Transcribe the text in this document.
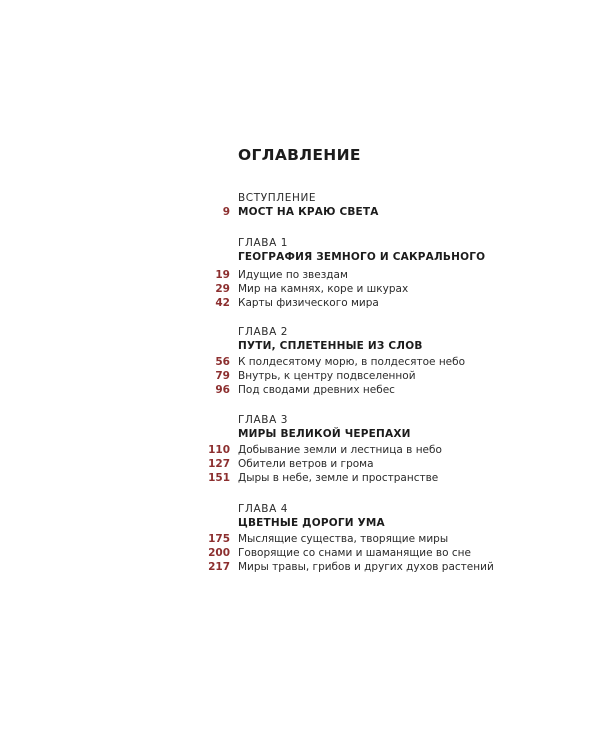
ОГЛАВЛЕНИЕ
ВСТУПЛЕНИЕ
9 МОСТ НА КРАЮ СВЕТА
ГЛАВА 1
ГЕОГРАФИЯ ЗЕМНОГО И САКРАЛЬНОГО
19 Идущие по звездам
29 Мир на камнях, коре и шкурах
42 Карты физического мира
ГЛАВА 2
ПУТИ, СПЛЕТЕННЫЕ ИЗ СЛОВ
56 К полдесятому морю, в полдесятое небо
79 Внутрь, к центру подвселенной
96 Под сводами древних небес
ГЛАВА 3
МИРЫ ВЕЛИКОЙ ЧЕРЕПАХИ
110 Добывание земли и лестница в небо
127 Обители ветров и грома
151 Дыры в небе, земле и пространстве
ГЛАВА 4
ЦВЕТНЫЕ ДОРОГИ УМА
175 Мыслящие существа, творящие миры
200 Говорящие со снами и шаманящие во сне
217 Миры травы, грибов и других духов растений
